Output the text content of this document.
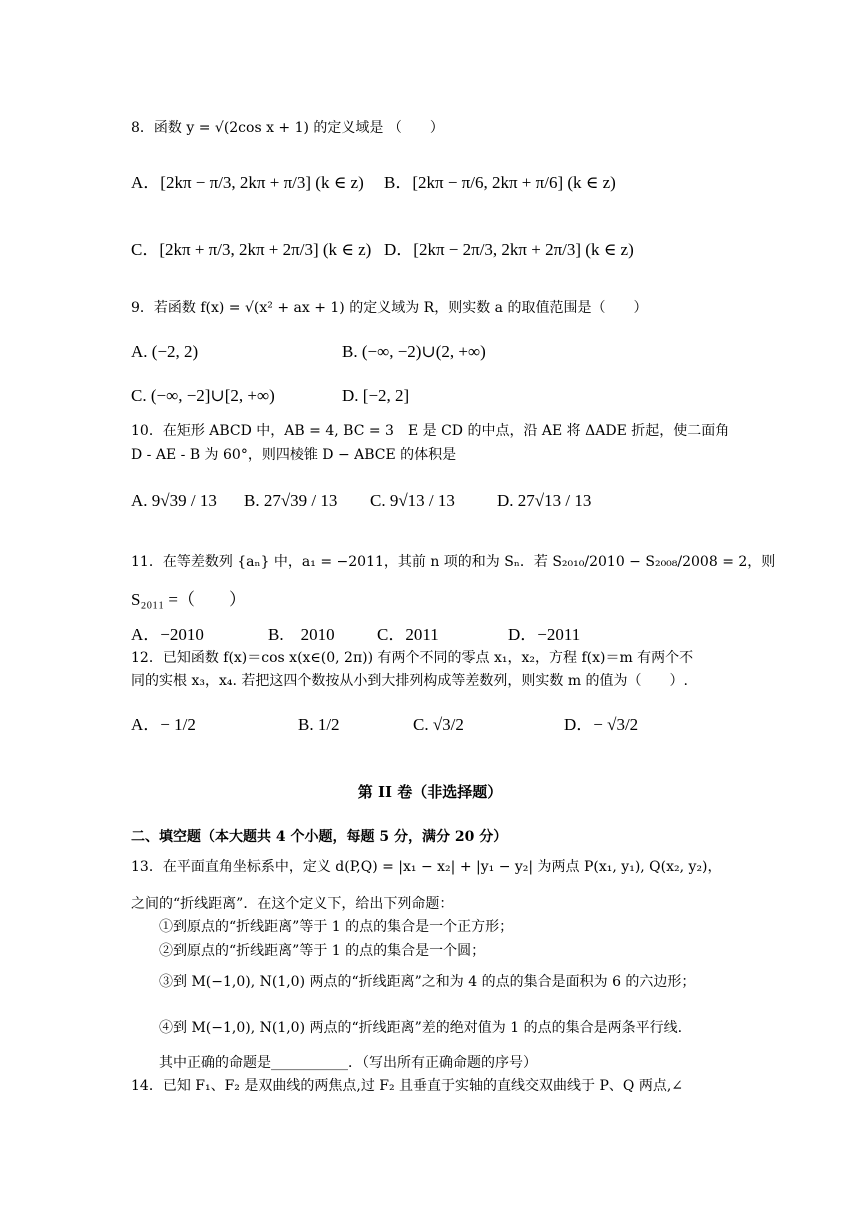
8．函数 y = √(2cos x + 1) 的定义域是 （　　）
A．[2kπ − π/3, 2kπ + π/3] (k ∈ z) B．[2kπ − π/6, 2kπ + π/6] (k ∈ z)
C．[2kπ + π/3, 2kπ + 2π/3] (k ∈ z) D．[2kπ − 2π/3, 2kπ + 2π/3] (k ∈ z)
9．若函数 f(x) = √(x² + ax + 1) 的定义域为 R，则实数 a 的取值范围是（　　）
A. (−2, 2)	B. (−∞, −2)∪(2, +∞)
C. (−∞, −2]∪[2, +∞)	D. [−2, 2]
10．在矩形 ABCD 中，AB = 4, BC = 3　E 是 CD 的中点，沿 AE 将 ΔADE 折起，使二面角
D - AE - B 为 60°，则四棱锥 D − ABCE 的体积是
A. 9√39 / 13 B. 27√39 / 13 C. 9√13 / 13 D. 27√13 / 13
11．在等差数列 {aₙ} 中，a₁ = −2011，其前 n 项的和为 Sₙ．若 S₂₀₁₀/2010 − S₂₀₀₈/2008 = 2，则
S₂₀₁₁ =（　　）
A．−2010	B.　2010 C．2011	D．−2011
12．已知函数 f(x)＝cos x(x∈(0, 2π)) 有两个不同的零点 x₁，x₂，方程 f(x)＝m 有两个不
同的实根 x₃，x₄. 若把这四个数按从小到大排列构成等差数列，则实数 m 的值为（　　）.
A．− 1/2	B. 1/2	C. √3/2	D．− √3/2
第 II 卷（非选择题）
二、填空题（本大题共 4 个小题，每题 5 分，满分 20 分）
13．在平面直角坐标系中，定义 d(P,Q) = |x₁ − x₂| + |y₁ − y₂| 为两点 P(x₁, y₁), Q(x₂, y₂)，
之间的“折线距离”．在这个定义下，给出下列命题：
①到原点的“折线距离”等于 1 的点的集合是一个正方形；
②到原点的“折线距离”等于 1 的点的集合是一个圆；
③到 M(−1,0), N(1,0) 两点的“折线距离”之和为 4 的点的集合是面积为 6 的六边形；
④到 M(−1,0), N(1,0) 两点的“折线距离”差的绝对值为 1 的点的集合是两条平行线.
其中正确的命题是___________．（写出所有正确命题的序号）
14．已知 F₁、F₂ 是双曲线的两焦点,过 F₂ 且垂直于实轴的直线交双曲线于 P、Q 两点,∠
